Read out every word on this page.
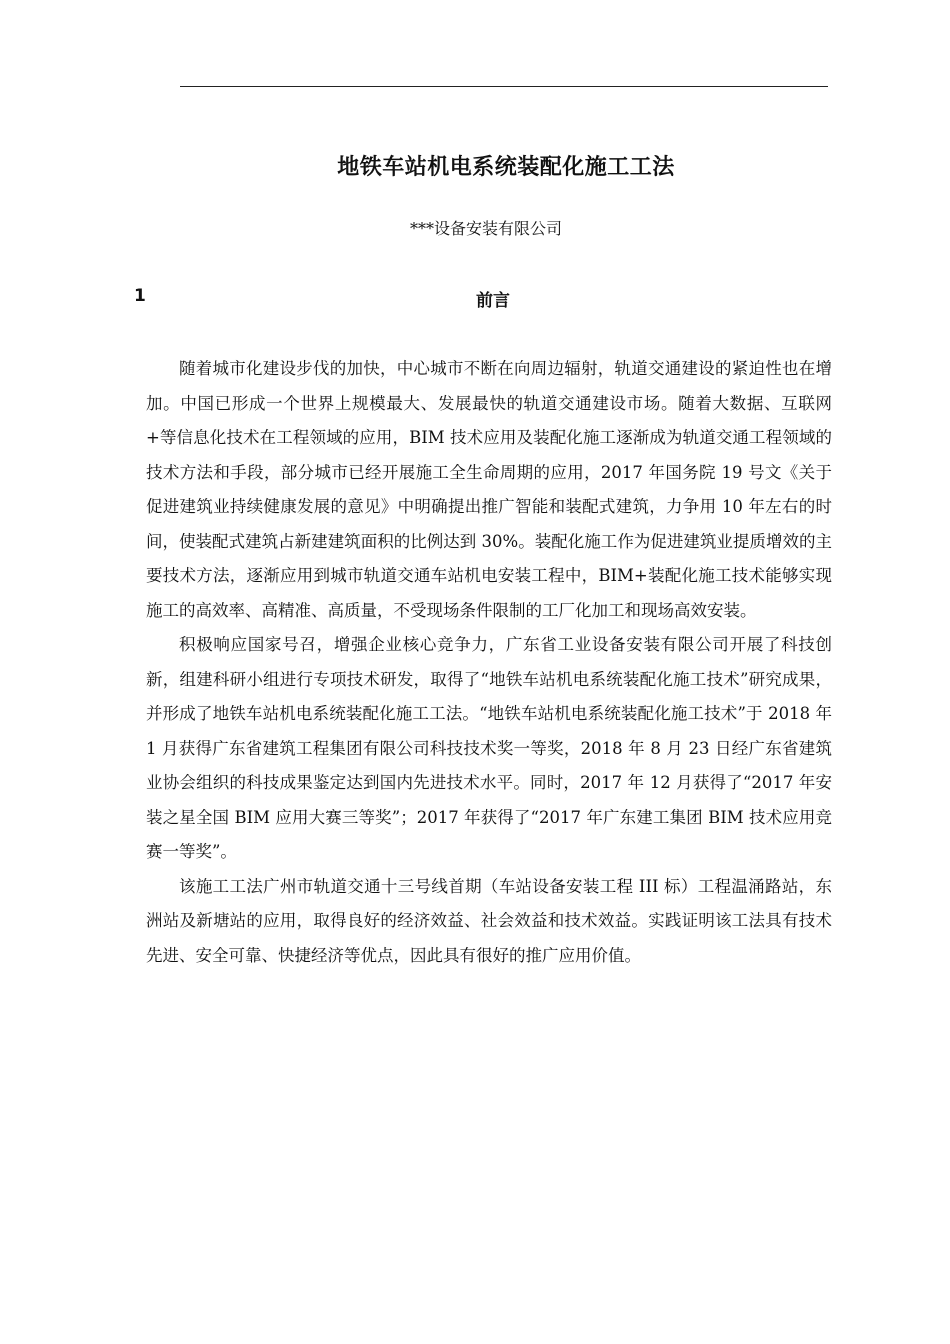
地铁车站机电系统装配化施工工法
***设备安装有限公司
1	前言

随着城市化建设步伐的加快，中心城市不断在向周边辐射，轨道交通建设的紧迫性也在增加。中国已形成一个世界上规模最大、发展最快的轨道交通建设市场。随着大数据、互联网+等信息化技术在工程领域的应用，BIM 技术应用及装配化施工逐渐成为轨道交通工程领域的技术方法和手段，部分城市已经开展施工全生命周期的应用，2017 年国务院 19 号文《关于促进建筑业持续健康发展的意见》中明确提出推广智能和装配式建筑，力争用 10 年左右的时间，使装配式建筑占新建建筑面积的比例达到 30%。装配化施工作为促进建筑业提质增效的主要技术方法，逐渐应用到城市轨道交通车站机电安装工程中，BIM+装配化施工技术能够实现施工的高效率、高精准、高质量，不受现场条件限制的工厂化加工和现场高效安装。

积极响应国家号召，增强企业核心竞争力，广东省工业设备安装有限公司开展了科技创新，组建科研小组进行专项技术研发，取得了“地铁车站机电系统装配化施工技术”研究成果，并形成了地铁车站机电系统装配化施工工法。“地铁车站机电系统装配化施工技术”于 2018 年 1 月获得广东省建筑工程集团有限公司科技技术奖一等奖，2018 年 8 月 23 日经广东省建筑业协会组织的科技成果鉴定达到国内先进技术水平。同时，2017 年 12 月获得了“2017 年安装之星全国 BIM 应用大赛三等奖”；2017 年获得了“2017 年广东建工集团 BIM 技术应用竞赛一等奖”。

该施工工法广州市轨道交通十三号线首期（车站设备安装工程 III 标）工程温涌路站，东洲站及新塘站的应用，取得良好的经济效益、社会效益和技术效益。实践证明该工法具有技术先进、安全可靠、快捷经济等优点，因此具有很好的推广应用价值。
